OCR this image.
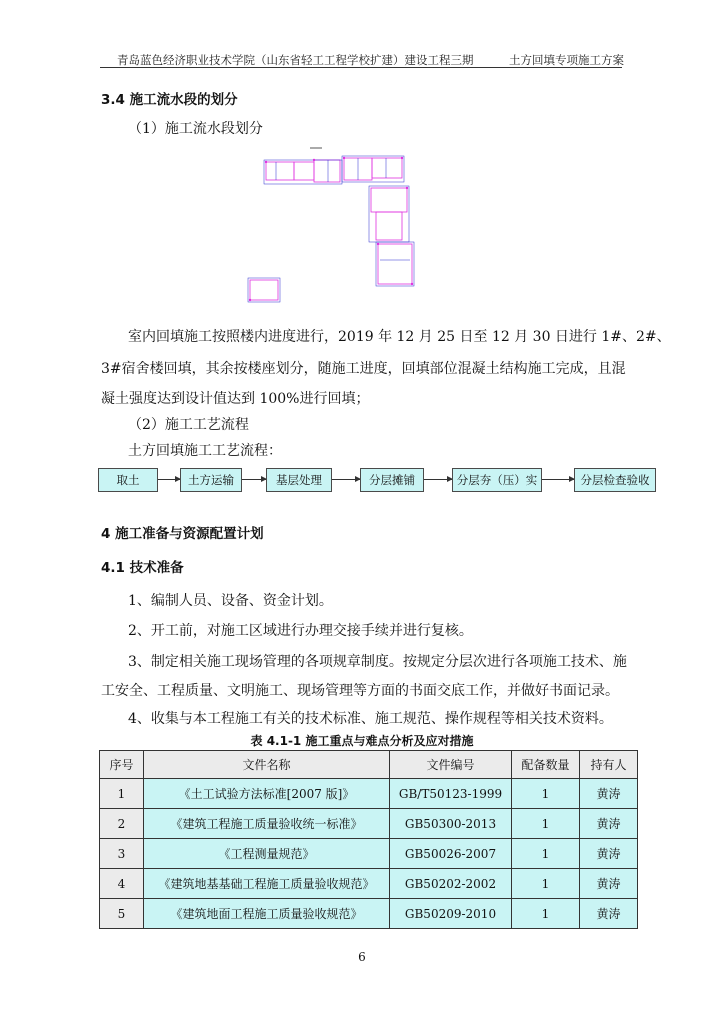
青岛蓝色经济职业技术学院（山东省轻工工程学校扩建）建设工程三期	土方回填专项施工方案
3.4 施工流水段的划分
（1）施工流水段划分
室内回填施工按照楼内进度进行，2019 年 12 月 25 日至 12 月 30 日进行 1#、2#、
3#宿舍楼回填，其余按楼座划分，随施工进度，回填部位混凝土结构施工完成，且混
凝土强度达到设计值达到 100%进行回填；
（2）施工工艺流程
土方回填施工工艺流程：
取土	土方运输	基层处理	分层摊铺	分层夯（压）实	分层检查验收
4 施工准备与资源配置计划
4.1 技术准备
1、编制人员、设备、资金计划。
2、开工前，对施工区域进行办理交接手续并进行复核。
3、制定相关施工现场管理的各项规章制度。按规定分层次进行各项施工技术、施
工安全、工程质量、文明施工、现场管理等方面的书面交底工作，并做好书面记录。
4、收集与本工程施工有关的技术标准、施工规范、操作规程等相关技术资料。
表 4.1-1 施工重点与难点分析及应对措施
序号	文件名称	文件编号	配备数量	持有人
1	《土工试验方法标准[2007 版]》	GB/T50123-1999	1	黄涛
2	《建筑工程施工质量验收统一标准》	GB50300-2013	1	黄涛
3	《工程测量规范》	GB50026-2007	1	黄涛
4	《建筑地基基础工程施工质量验收规范》	GB50202-2002	1	黄涛
5	《建筑地面工程施工质量验收规范》	GB50209-2010	1	黄涛
6
